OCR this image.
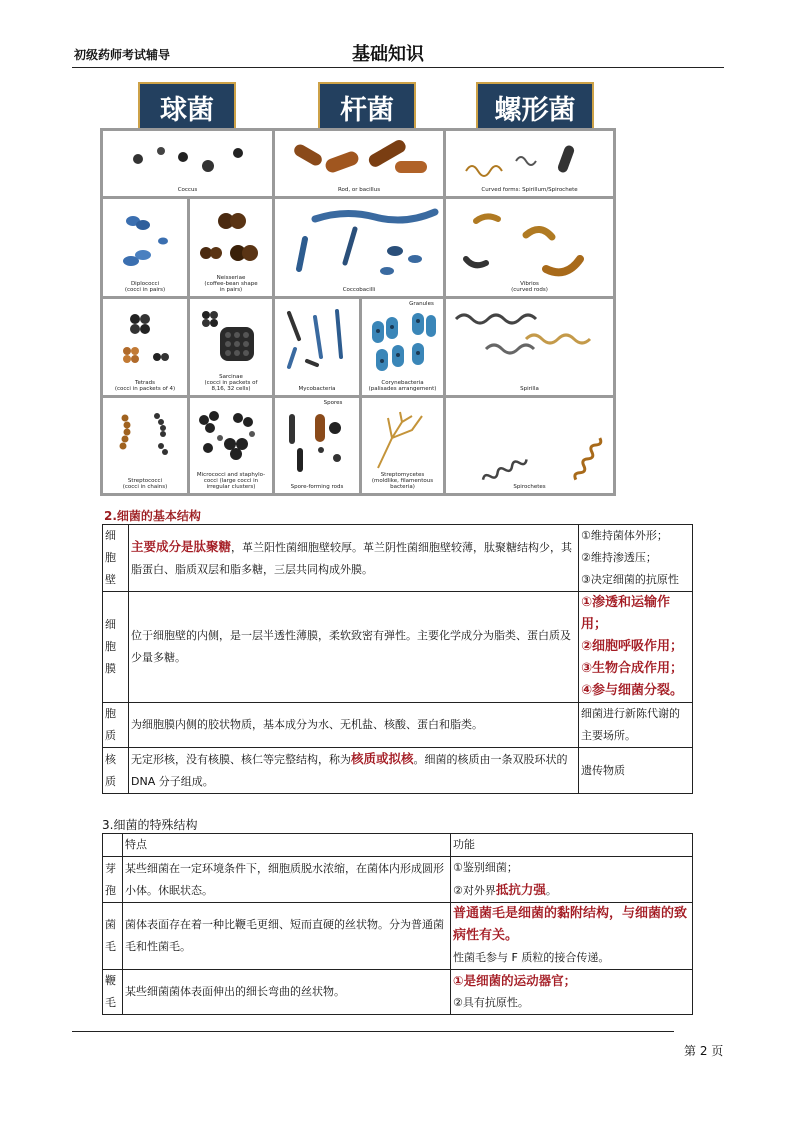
初级药师考试辅导	基础知识
球菌	杆菌	螺形菌
Coccus	Rod, or bacillus	Curved forms: Spirillum/Spirochete
Diplococci
(cocci in pairs)
Neisseriae
(coffee-bean shape
in pairs)	Coccobacilli
Vibrios
(curved rods)
Tetrads
(cocci in packets of 4)
Sarcinae
(cocci in packets of
8,16, 32 cells)	Mycobacteria
Granules
Corynebacteria
(palisades arrangement)	Spirilla
Streptococci
(cocci in chains)
Micrococci and staphylo-
cocci (large cocci in
irregular clusters)
Spores
Spore-forming rods
Streptomycetes
(moldlike, filamentous
bacteria)	Spirochetes
2.细菌的基本结构
细胞壁	主要成分是肽聚糖，革兰阳性菌细胞壁较厚。革兰阴性菌细胞壁较薄，肽聚糖结构少，其脂蛋白、脂质双层和脂多糖，三层共同构成外膜。	①维持菌体外形；
②维持渗透压；
③决定细菌的抗原性

细胞膜	位于细胞壁的内侧，是一层半透性薄膜，柔软致密有弹性。主要化学成分为脂类、蛋白质及少量多糖。	①渗透和运输作用；
②细胞呼吸作用；
③生物合成作用；
④参与细菌分裂。

胞质	为细胞膜内侧的胶状物质，基本成分为水、无机盐、核酸、蛋白和脂类。	细菌进行新陈代谢的主要场所。
核质	无定形核，没有核膜、核仁等完整结构，称为核质或拟核。细菌的核质由一条双股环状的 DNA 分子组成。	遗传物质
3.细菌的特殊结构
	特点	功能
芽孢	某些细菌在一定环境条件下，细胞质脱水浓缩，在菌体内形成圆形小体。休眠状态。	①鉴别细菌；
②对外界抵抗力强。

菌毛	菌体表面存在着一种比鞭毛更细、短而直硬的丝状物。分为普通菌毛和性菌毛。	普通菌毛是细菌的黏附结构，与细菌的致病性有关。
性菌毛参与 F 质粒的接合传递。

鞭毛	某些细菌菌体表面伸出的细长弯曲的丝状物。	①是细菌的运动器官；
②具有抗原性。
第 2 页
